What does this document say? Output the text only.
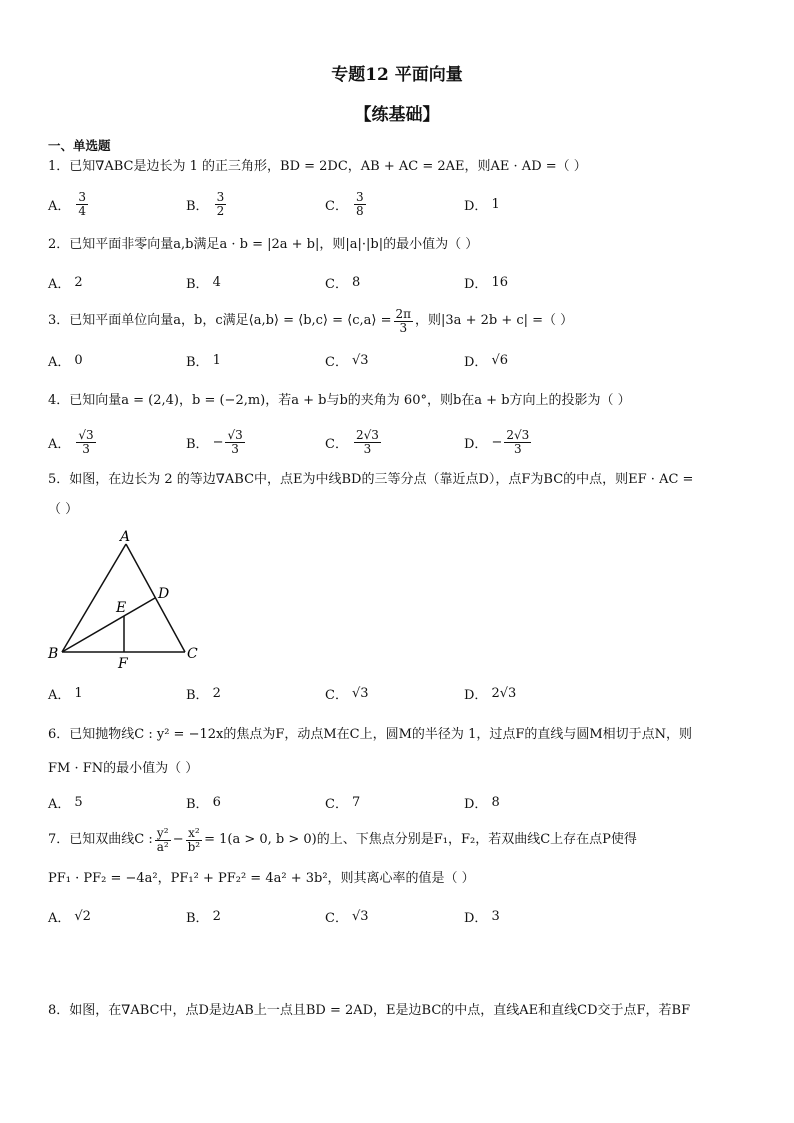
专题12 平面向量
【练基础】
一、单选题
1．已知∇ABC是边长为 1 的正三角形，BD = 2DC，AB + AC = 2AE，则AE · AD =（ ）
A． $\frac{3}{4}$	B． $\frac{3}{2}$	C． $\frac{3}{8}$	D． 1
2．已知平面非零向量a,b满足a · b = |2a + b|，则|a|·|b|的最小值为（ ）
A． 2	B． 4	C． 8	D． 16
3．已知平面单位向量a，b，c满足⟨a,b⟩ = ⟨b,c⟩ = ⟨c,a⟩ = $\frac{2\pi}{3}$ ，则|3a + 2b + c| =（ ）
A． 0	B． 1	C． √3	D． √6
4．已知向量a = (2,4)，b = (−2,m)，若a + b与b的夹角为 60°，则b在a + b方向上的投影为（ ）
A． $\frac{√3}{3}$	B． − $\frac{√3}{3}$	C． $\frac{2√3}{3}$	D． − $\frac{2√3}{3}$
5．如图，在边长为 2 的等边∇ABC中，点E为中线BD的三等分点（靠近点D），点F为BC的中点，则EF · AC =
（ ）
A
B	C
D
E
F
A． 1	B． 2	C． √3	D． 2√3
6．已知抛物线C : y² = −12x的焦点为F，动点M在C上，圆M的半径为 1，过点F的直线与圆M相切于点N，则
FM · FN的最小值为（ ）
A． 5	B． 6	C． 7	D． 8
7．已知双曲线C : $\frac{\text{y²}}{\text{a²}} - \frac{\text{x²}}{\text{b²}} = 1(a > 0$, b > 0)的上、下焦点分别是F₁，F₂，若双曲线C上存在点P使得
PF₁ · PF₂ = −4a²，PF₁² + PF₂² = 4a² + 3b²，则其离心率的值是（ ）
A． √2	B． 2	C． √3	D． 3
8．如图，在∇ABC中，点D是边AB上一点且BD = 2AD，E是边BC的中点，直线AE和直线CD交于点F，若BF
